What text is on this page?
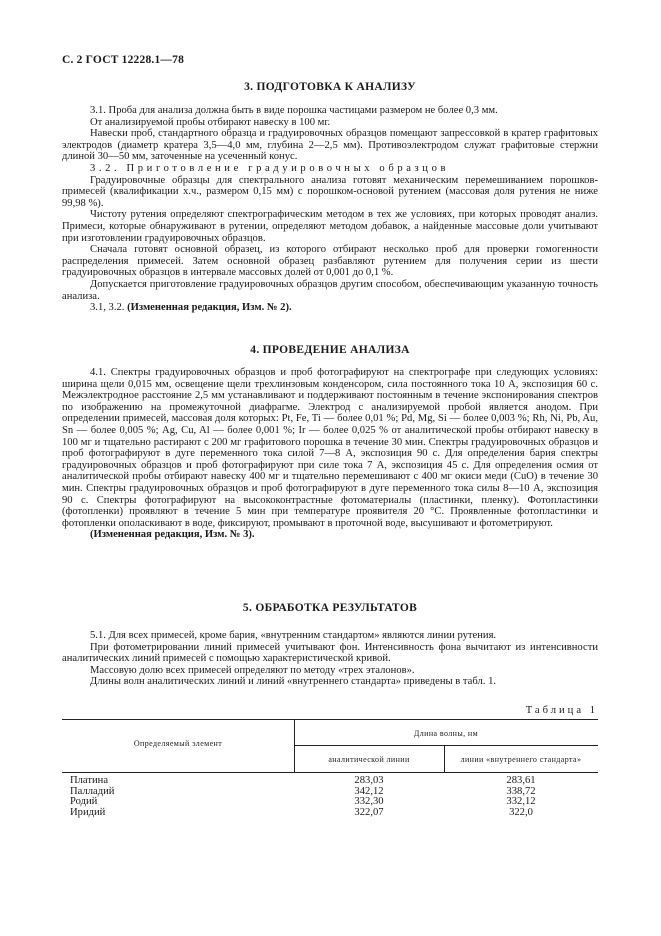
С. 2 ГОСТ 12228.1—78
3. ПОДГОТОВКА К АНАЛИЗУ

3.1. Проба для анализа должна быть в виде порошка частицами размером не более 0,3 мм.

От анализируемой пробы отбирают навеску в 100 мг.

Навески проб, стандартного образца и градуировочных образцов помещают запрессовкой в кратер графитовых электродов (диаметр кратера 3,5—4,0 мм, глубина 2—2,5 мм). Противоэлектродом служат графитовые стержни длиной 30—50 мм, заточенные на усеченный конус.

3.2. Приготовление градуировочных образцов

Градуировочные образцы для спектрального анализа готовят механическим перемешиванием порошков-примесей (квалификации х.ч., размером 0,15 мм) с порошком-основой рутением (массовая доля рутения не ниже 99,98 %).

Чистоту рутения определяют спектрографическим методом в тех же условиях, при которых проводят анализ. Примеси, которые обнаруживают в рутении, определяют методом добавок, а найденные массовые доли учитывают при изготовлении градуировочных образцов.

Сначала готовят основной образец, из которого отбирают несколько проб для проверки гомогенности распределения примесей. Затем основной образец разбавляют рутением для получения серии из шести градуировочных образцов в интервале массовых долей от 0,001 до 0,1 %.

Допускается приготовление градуировочных образцов другим способом, обеспечивающим указанную точность анализа.

3.1, 3.2. (Измененная редакция, Изм. № 2).

4. ПРОВЕДЕНИЕ АНАЛИЗА

4.1. Спектры градуировочных образцов и проб фотографируют на спектрографе при следующих условиях: ширина щели 0,015 мм, освещение щели трехлинзовым конденсором, сила постоянного тока 10 А, экспозиция 60 с. Межэлектродное расстояние 2,5 мм устанавливают и поддерживают постоянным в течение экспонирования спектров по изображению на промежуточной диафрагме. Электрод с анализируемой пробой является анодом. При определении примесей, массовая доля которых: Pt, Fe, Ti — более 0,01 %; Pd, Mg, Si — более 0,003 %; Rh, Ni, Pb, Au, Sn — более 0,005 %; Ag, Cu, Al — более 0,001 %; Ir — более 0,025 % от аналитической пробы отбирают навеску в 100 мг и тщательно растирают с 200 мг графитового порошка в течение 30 мин. Спектры градуировочных образцов и проб фотографируют в дуге переменного тока силой 7—8 А, экспозиция 90 с. Для определения бария спектры градуировочных образцов и проб фотографируют при силе тока 7 А, экспозиция 45 с. Для определения осмия от аналитической пробы отбирают навеску 400 мг и тщательно перемешивают с 400 мг окиси меди (CuO) в течение 30 мин. Спектры градуировочных образцов и проб фотографируют в дуге переменного тока силы 8—10 А, экспозиция 90 с. Спектры фотографируют на высококонтрастные фотоматериалы (пластинки, пленку). Фотопластинки (фотопленки) проявляют в течение 5 мин при температуре проявителя 20 °С. Проявленные фотопластинки и фотопленки ополаскивают в воде, фиксируют, промывают в проточной воде, высушивают и фотометрируют.

(Измененная редакция, Изм. № 3).

5. ОБРАБОТКА РЕЗУЛЬТАТОВ

5.1. Для всех примесей, кроме бария, «внутренним стандартом» являются линии рутения.

При фотометрировании линий примесей учитывают фон. Интенсивность фона вычитают из интенсивности аналитических линий примесей с помощью характеристической кривой.

Массовую долю всех примесей определяют по методу «трех эталонов».

Длины волн аналитических линий и линий «внутреннего стандарта» приведены в табл. 1.

Таблица 1
Определяемый элемент
Длина волны, нм
аналитической линии	линии «внутреннего стандарта»
Платина	283,03	283,61
Палладий	342,12	338,72
Родий	332,30	332,12
Иридий	322,07	322,0
